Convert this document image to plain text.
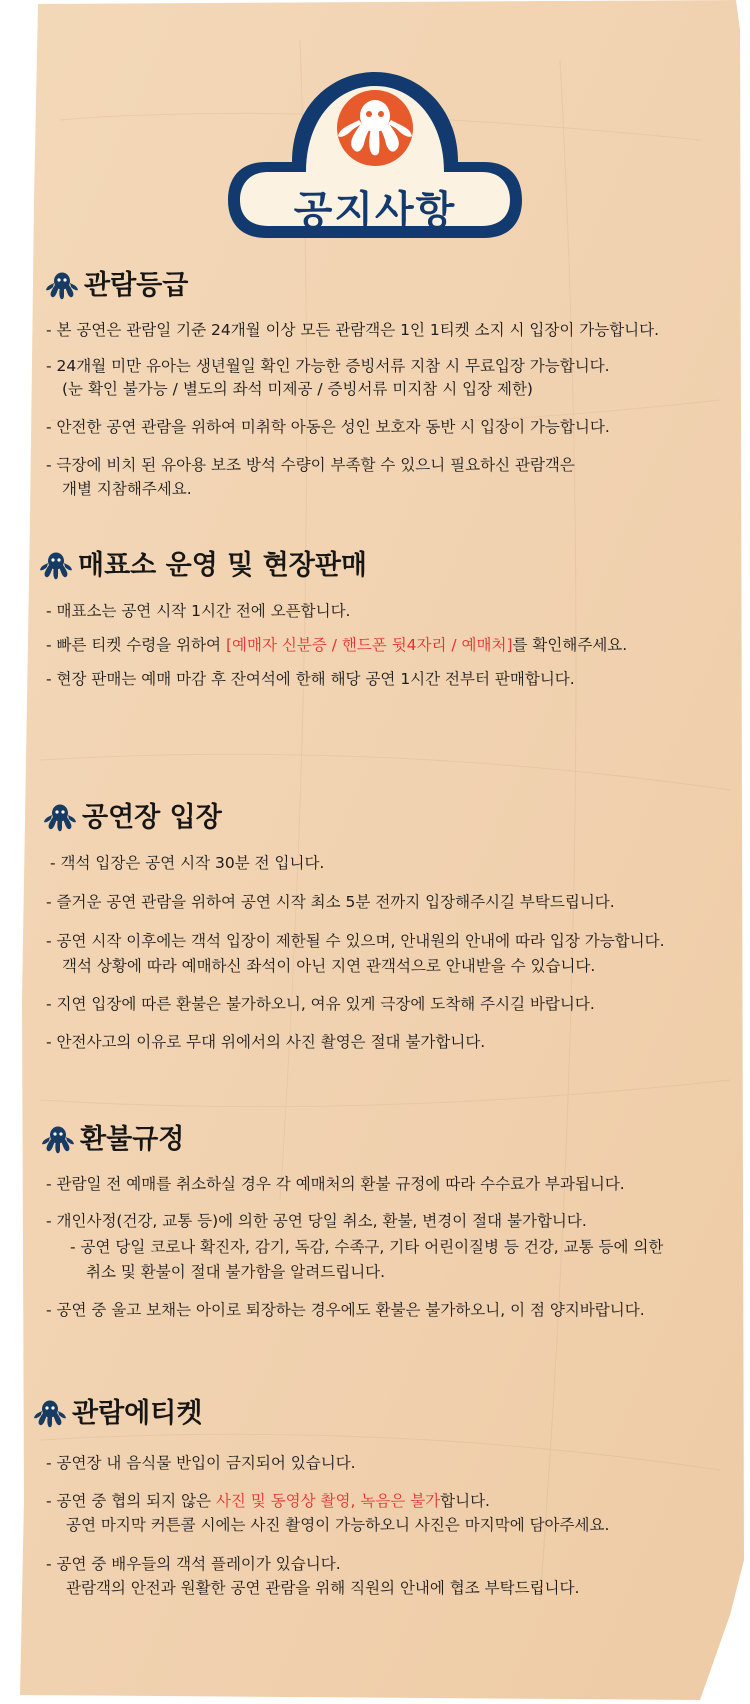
공지사항
관람등급
- 본 공연은 관람일 기준 24개월 이상 모든 관람객은 1인 1티켓 소지 시 입장이 가능합니다.
- 24개월 미만 유아는 생년월일 확인 가능한 증빙서류 지참 시 무료입장 가능합니다.
(눈 확인 불가능 / 별도의 좌석 미제공 / 증빙서류 미지참 시 입장 제한)
- 안전한 공연 관람을 위하여 미취학 아동은 성인 보호자 동반 시 입장이 가능합니다.
- 극장에 비치 된 유아용 보조 방석 수량이 부족할 수 있으니 필요하신 관람객은
개별 지참해주세요.
매표소 운영 및 현장판매
- 매표소는 공연 시작 1시간 전에 오픈합니다.
- 빠른 티켓 수령을 위하여 [예매자 신분증 / 핸드폰 뒷4자리 / 예매처]를 확인해주세요.
- 현장 판매는 예매 마감 후 잔여석에 한해 해당 공연 1시간 전부터 판매합니다.
공연장 입장
- 객석 입장은 공연 시작 30분 전 입니다.
- 즐거운 공연 관람을 위하여 공연 시작 최소 5분 전까지 입장해주시길 부탁드립니다.
- 공연 시작 이후에는 객석 입장이 제한될 수 있으며, 안내원의 안내에 따라 입장 가능합니다.
객석 상황에 따라 예매하신 좌석이 아닌 지연 관객석으로 안내받을 수 있습니다.
- 지연 입장에 따른 환불은 불가하오니, 여유 있게 극장에 도착해 주시길 바랍니다.
- 안전사고의 이유로 무대 위에서의 사진 촬영은 절대 불가합니다.
환불규정
- 관람일 전 예매를 취소하실 경우 각 예매처의 환불 규정에 따라 수수료가 부과됩니다.
- 개인사정(건강, 교통 등)에 의한 공연 당일 취소, 환불, 변경이 절대 불가합니다.
- 공연 당일 코로나 확진자, 감기, 독감, 수족구, 기타 어린이질병 등 건강, 교통 등에 의한
취소 및 환불이 절대 불가함을 알려드립니다.
- 공연 중 울고 보채는 아이로 퇴장하는 경우에도 환불은 불가하오니, 이 점 양지바랍니다.
관람에티켓
- 공연장 내 음식물 반입이 금지되어 있습니다.
- 공연 중 협의 되지 않은 사진 및 동영상 촬영, 녹음은 불가합니다.
공연 마지막 커튼콜 시에는 사진 촬영이 가능하오니 사진은 마지막에 담아주세요.
- 공연 중 배우들의 객석 플레이가 있습니다.
관람객의 안전과 원활한 공연 관람을 위해 직원의 안내에 협조 부탁드립니다.
